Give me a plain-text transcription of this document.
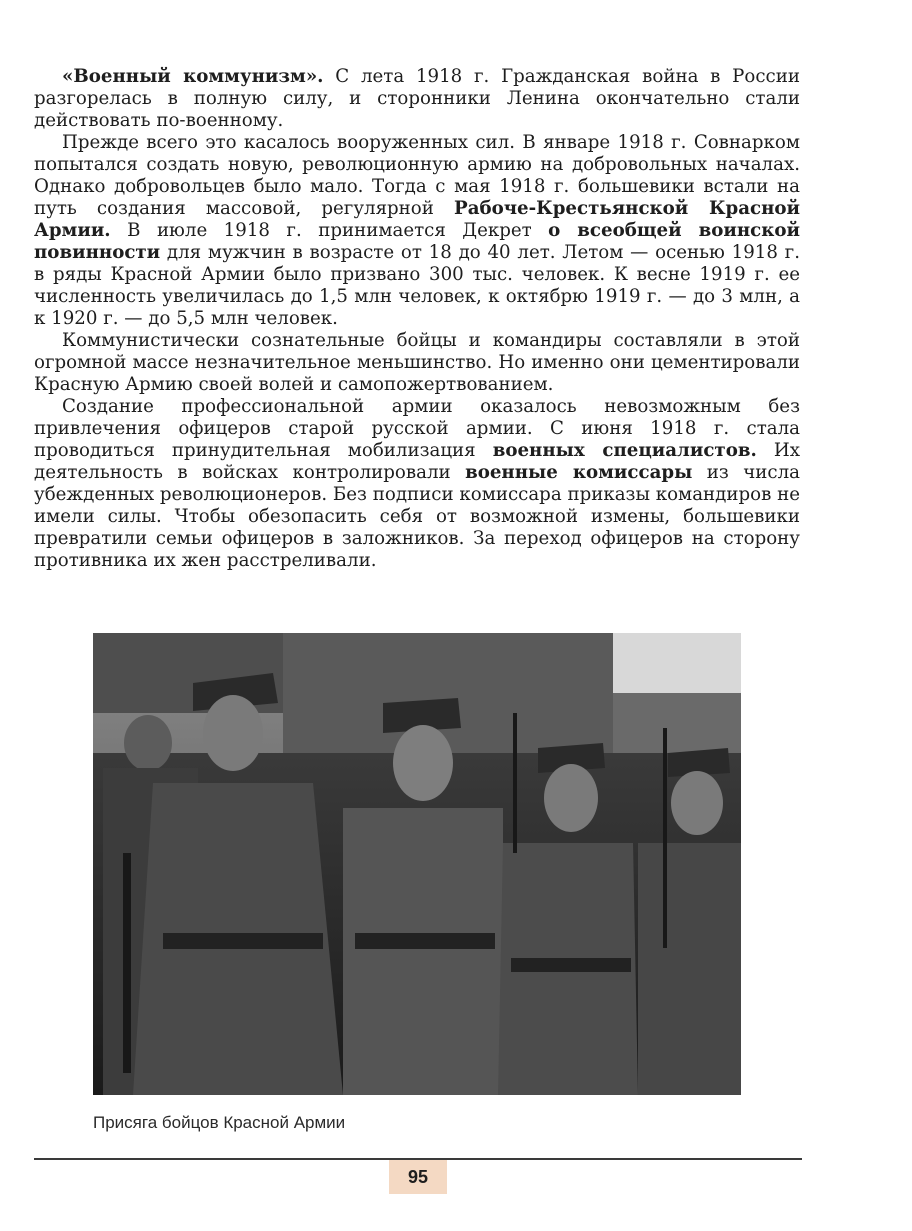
«Военный коммунизм». С лета 1918 г. Гражданская война в России разгорелась в полную силу, и сторонники Ленина окончательно стали действовать по-военному.

Прежде всего это касалось вооруженных сил. В январе 1918 г. Совнарком попытался создать новую, революционную армию на добровольных началах. Однако добровольцев было мало. Тогда с мая 1918 г. большевики встали на путь создания массовой, регулярной Рабоче-Крестьянской Красной Армии. В июле 1918 г. принимается Декрет о всеобщей воинской повинности для мужчин в возрасте от 18 до 40 лет. Летом — осенью 1918 г. в ряды Красной Армии было призвано 300 тыс. человек. К весне 1919 г. ее численность увеличилась до 1,5 млн человек, к октябрю 1919 г. — до 3 млн, а к 1920 г. — до 5,5 млн человек.

Коммунистически сознательные бойцы и командиры составляли в этой огромной массе незначительное меньшинство. Но именно они цементировали Красную Армию своей волей и самопожертвованием.

Создание профессиональной армии оказалось невозможным без привлечения офицеров старой русской армии. С июня 1918 г. стала проводиться принудительная мобилизация военных специалистов. Их деятельность в войсках контролировали военные комиссары из числа убежденных революционеров. Без подписи комиссара приказы командиров не имели силы. Чтобы обезопасить себя от возможной измены, большевики превратили семьи офицеров в заложников. За переход офицеров на сторону противника их жен расстреливали.

Присяга бойцов Красной Армии
95
